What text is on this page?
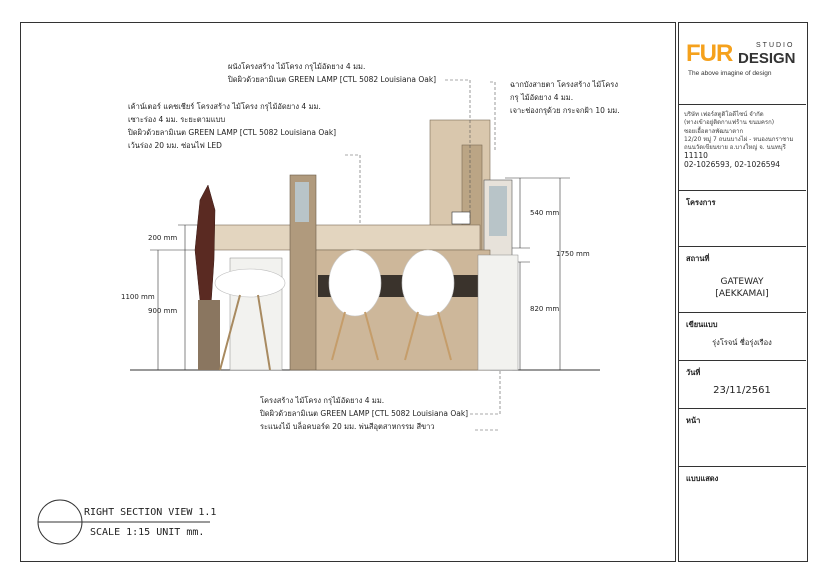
ผนังโครงสร้าง ไม้โครง กรุไม้อัดยาง 4 มม.
ปิดผิวด้วยลามิเนต GREEN LAMP [CTL 5082 Louisiana Oak]
เค้าน์เตอร์ แคชเชียร์ โครงสร้าง ไม้โครง กรุไม้อัดยาง 4 มม.
เซาะร่อง 4 มม. ระยะตามแบบ
ปิดผิวด้วยลามิเนต GREEN LAMP [CTL 5082 Louisiana Oak]
เว้นร่อง 20 มม. ซ่อนไฟ LED
ฉากบังสายตา โครงสร้าง ไม้โครง
กรุ ไม้อัดยาง 4 มม.
เจาะช่องกรุด้วย กระจกฝ้า 10 มม.
โครงสร้าง ไม้โครง กรุไม้อัดยาง 4 มม.
ปิดผิวด้วยลามิเนต GREEN LAMP [CTL 5082 Louisiana Oak]
ระแนงไม้ บล็อคบอร์ด 20 มม. พ่นสีอุตสาหกรรม สีขาว
200 mm
1100 mm
900 mm
540 mm
1750 mm
820 mm
RIGHT SECTION VIEW 1.1
SCALE 1:15 UNIT mm.
FUR	STUDIO
DESIGN
The above imagine of design
บริษัท เฟอร์สตูดิโอดีไซน์ จำกัด
(ทางเข้าอยู่ติดกาแฟร้าน ขนมครก)
ซอยเอื้อตาลพัฒนาตาก
12/20 หมู่ 7 ถนนบางไผ่ - หนองนกราชาม
ถนนวัดเขียนขาย อ.บางใหญ่ จ. นนทบุรี
11110
02-1026593, 02-1026594
โครงการ
สถานที่
GATEWAY
[AEKKAMAI]
เขียนแบบ
รุ่งโรจน์ ชื่อรุ่งเรือง
วันที่
23/11/2561
หน้า
แบบแสดง
